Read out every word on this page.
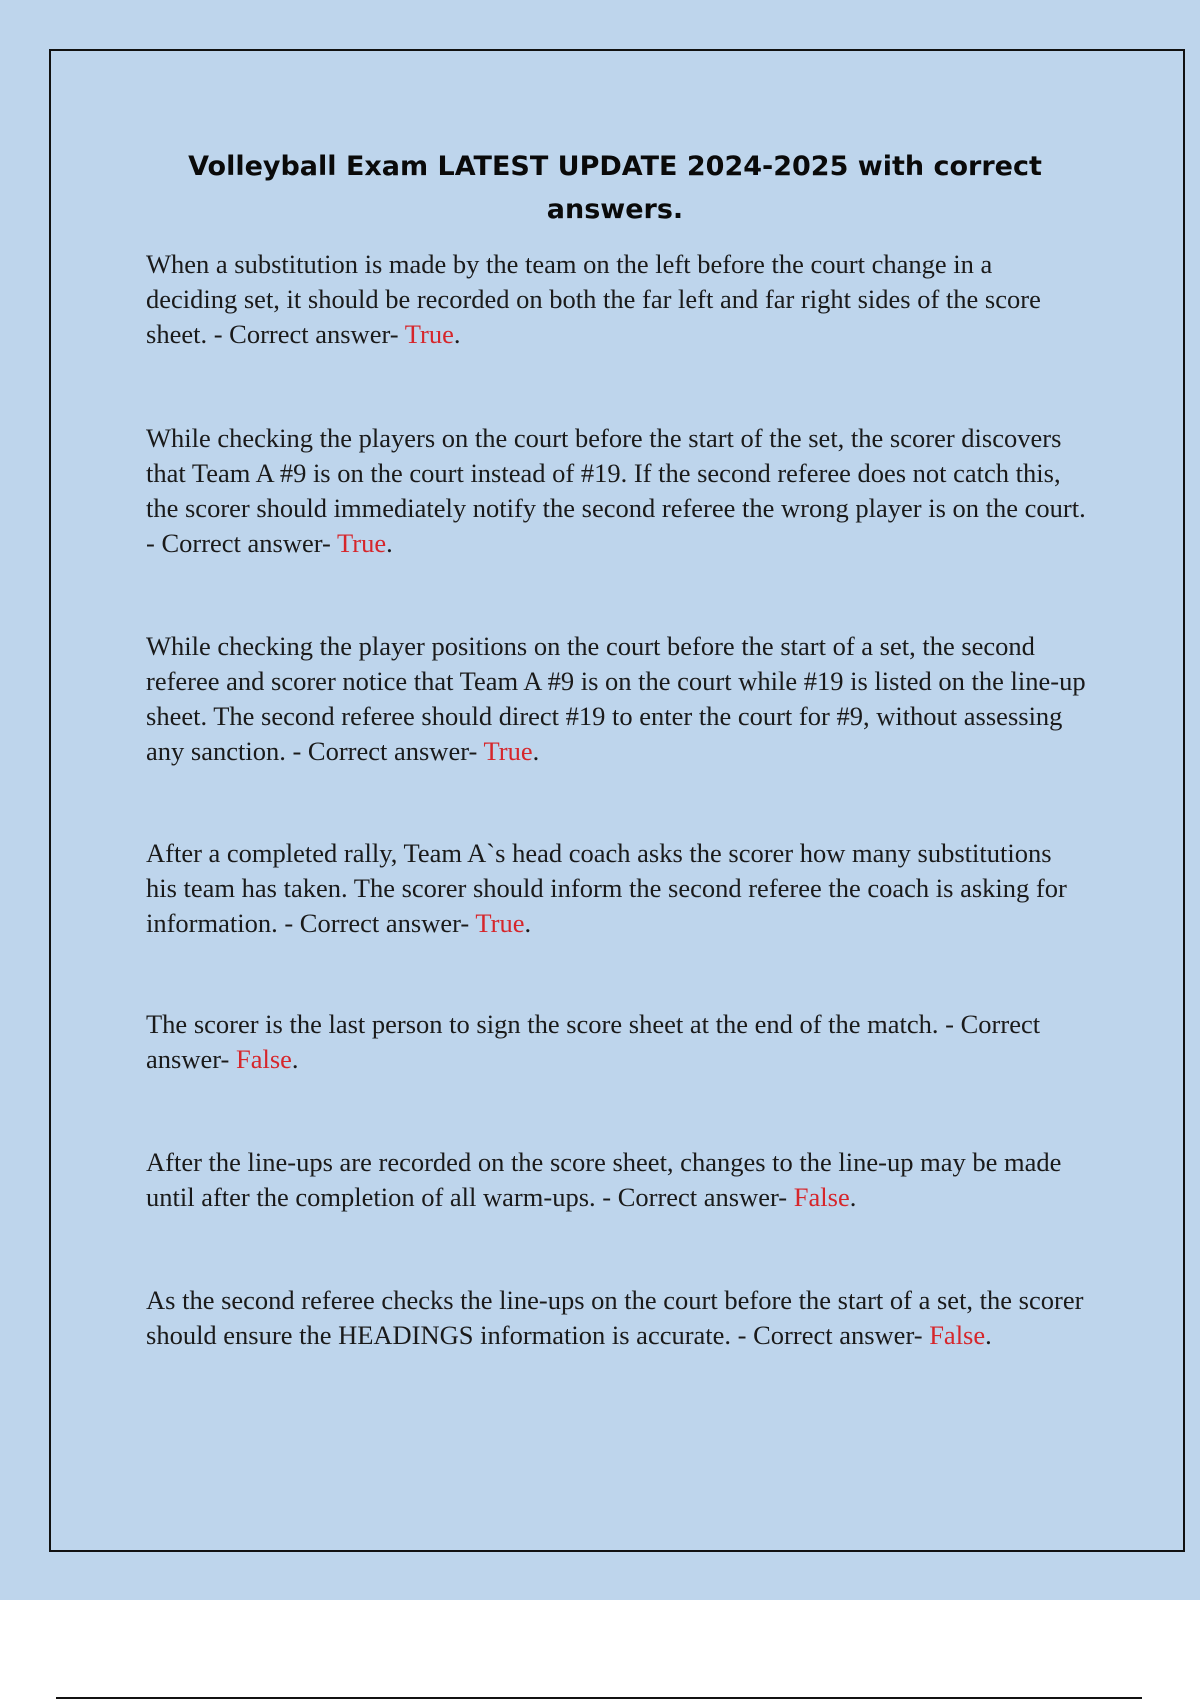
Volleyball Exam LATEST UPDATE 2024-2025 with correct answers.

When a substitution is made by the team on the left before the court change in a deciding set, it should be recorded on both the far left and far right sides of the score sheet. - Correct answer- True.

While checking the players on the court before the start of the set, the scorer discovers that Team A #9 is on the court instead of #19. If the second referee does not catch this, the scorer should immediately notify the second referee the wrong player is on the court. - Correct answer- True.

While checking the player positions on the court before the start of a set, the second referee and scorer notice that Team A #9 is on the court while #19 is listed on the line-up sheet. The second referee should direct #19 to enter the court for #9, without assessing any sanction. - Correct answer- True.

After a completed rally, Team A`s head coach asks the scorer how many substitutions his team has taken. The scorer should inform the second referee the coach is asking for information. - Correct answer- True.

The scorer is the last person to sign the score sheet at the end of the match. - Correct answer- False.

After the line-ups are recorded on the score sheet, changes to the line-up may be made until after the completion of all warm-ups. - Correct answer- False.

As the second referee checks the line-ups on the court before the start of a set, the scorer should ensure the HEADINGS information is accurate. - Correct answer- False.
